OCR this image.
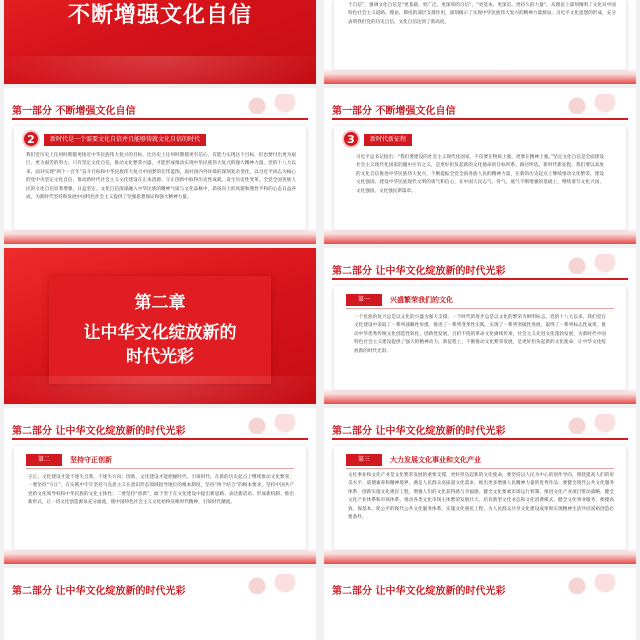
不断增强文化自信	个自信”，强调文化自信是“更基础、更广泛、更深厚的自信”，“更基本、更深沉、更持久的力量”。从理论上深刻阐明了文化对中国特色社会主义道路、理论、制度的深层支撑作用，深刻揭示了实现中华民族伟大复兴的精神力量源泉。习近平文化思想的形成，充分表明我们党的历史自信、文化自信达到了新高度。
第一部分 不断增强文化自信
2	新时代是一个需要文化自信并且能够铸就文化自信的时代
我们党历史上任何时期都更接近中华民族伟大复兴的目标，比历史上任何时期都更有信心、有能力实现这个目标，但也要付出更为艰巨、更为艰苦的努力。只有坚定文化自信，推动文化繁荣兴盛，才能形成推动实现中华民族伟大复兴的强大精神力量。党的十八大以来，面对实现“两个一百年”奋斗目标和中华民族伟大复兴中国梦的宏伟蓝图，面对国内外环境的深刻复杂变化，以习近平同志为核心的党中央坚定文化自信，推动新时代社会主义文化建设在正本清源、守正创新中取得历史性成就、发生历史性变革。全党全国各族人民的文化自信显著增强，日益坚定，文化自信深深融入中华民族的精神气质与文化品格中，昂扬向上的风貌和理性平和的心态日益养成，为新时代坚持和发展中国特色社会主义提供了坚强思想保证和强大精神力量。
第一部分 不断增强文化自信
3	新时代新征程
习近平总书记指出：“我们要建设的社会主义现代化国家，不仅要在物质上强，更要在精神上强。”坚定文化自信是全面建设社会主义现代化国家的题中应有之义，是更好担负起新的文化使命的目标所系、路径所依。新时代新征程，我们要以高度的文化自信推进中华民族伟大复兴，不断提振全党全国各族人民的精神力量，在新的历史起点上继续推动文化繁荣、建设文化强国、建设中华民族现代文明的勇气和信心，在中国人民志气、骨气、底气不断增强的基础上，继续谱写文化兴国、文化强国、文化强民新篇章。
第二章
让中华文化绽放新的
时代光彩
第二部分 让中华文化绽放新的时代光彩
第一	兴盛繁荣我们的文化
一个民族的复兴总是以文化的兴盛为强大支撑。一个时代的进步总是以文化的繁荣为鲜明标志。党的十八大以来，我们党在文化建设中采取了一系列战略性举措，推进了一系列变革性实践，实现了一系列突破性进展，取得了一系列标志性成果，推动中华优秀传统文化创造性转化、创新性发展，百折不挠的革命文化赓续传承，社会主义先进文化蓬勃发展，为新时代中国特色社会主义建设提供了强大的精神动力。新征程上，不断推动文化繁荣发展，是更好担负起新的文化使命，让中华文化绽放新的时代光彩。
第二部分 让中华文化绽放新的时代光彩
第二	坚持守正创新
守正，文化建设才能不迷失自我、不迷失方向；创新，文化建设才能把握时代、引领时代。在新的历史起点上继续推动文化繁荣，一要坚持“守正”，在实践中牢牢坚持马克思主义在意识形态领域指导地位的根本制度，坚持“两个结合”的根本要求，坚持中国共产党的文化领导权和中华民族的文化主体性；二要坚持“创新”，敢于善于在文化建设中提出新思路、表达新话语、形成新机制、推出新形式，让一切文化创造源泉充分涌流，使中国特色社会主义文化始终反映时代精神、引领时代潮流。
第二部分 让中华文化绽放新的时代光彩
第三	大力发展文化事业和文化产业
文化事业和文化产业是文化繁荣发展的重要支撑，更好担负起新的文化使命，要坚持以人民为中心的创作导向，围绕提高人们的审美水平、道德素养和精神境界，满足人民群众高质量文化需求，推出更多增强人民精神力量的优秀作品；要健全现代公共文化服务体系，创新实施文化惠民工程，增强人们的文化获得感与幸福感。健全文化要素市场运行机制，推进文化产业项目带动战略，健全文化产业体系和市场体系，推动各类文化市场主体繁荣发展壮大。培育新型文化业态和文化消费模式，健全文化事业服务，便捷高效、保基本、促公平的现代公共文化服务体系，实施文化惠民工程，为人民群众共享文化建设成果和实现精神生活共同富裕创造必要条件。
第二部分 让中华文化绽放新的时代光彩	第二部分 让中华文化绽放新的时代光彩
